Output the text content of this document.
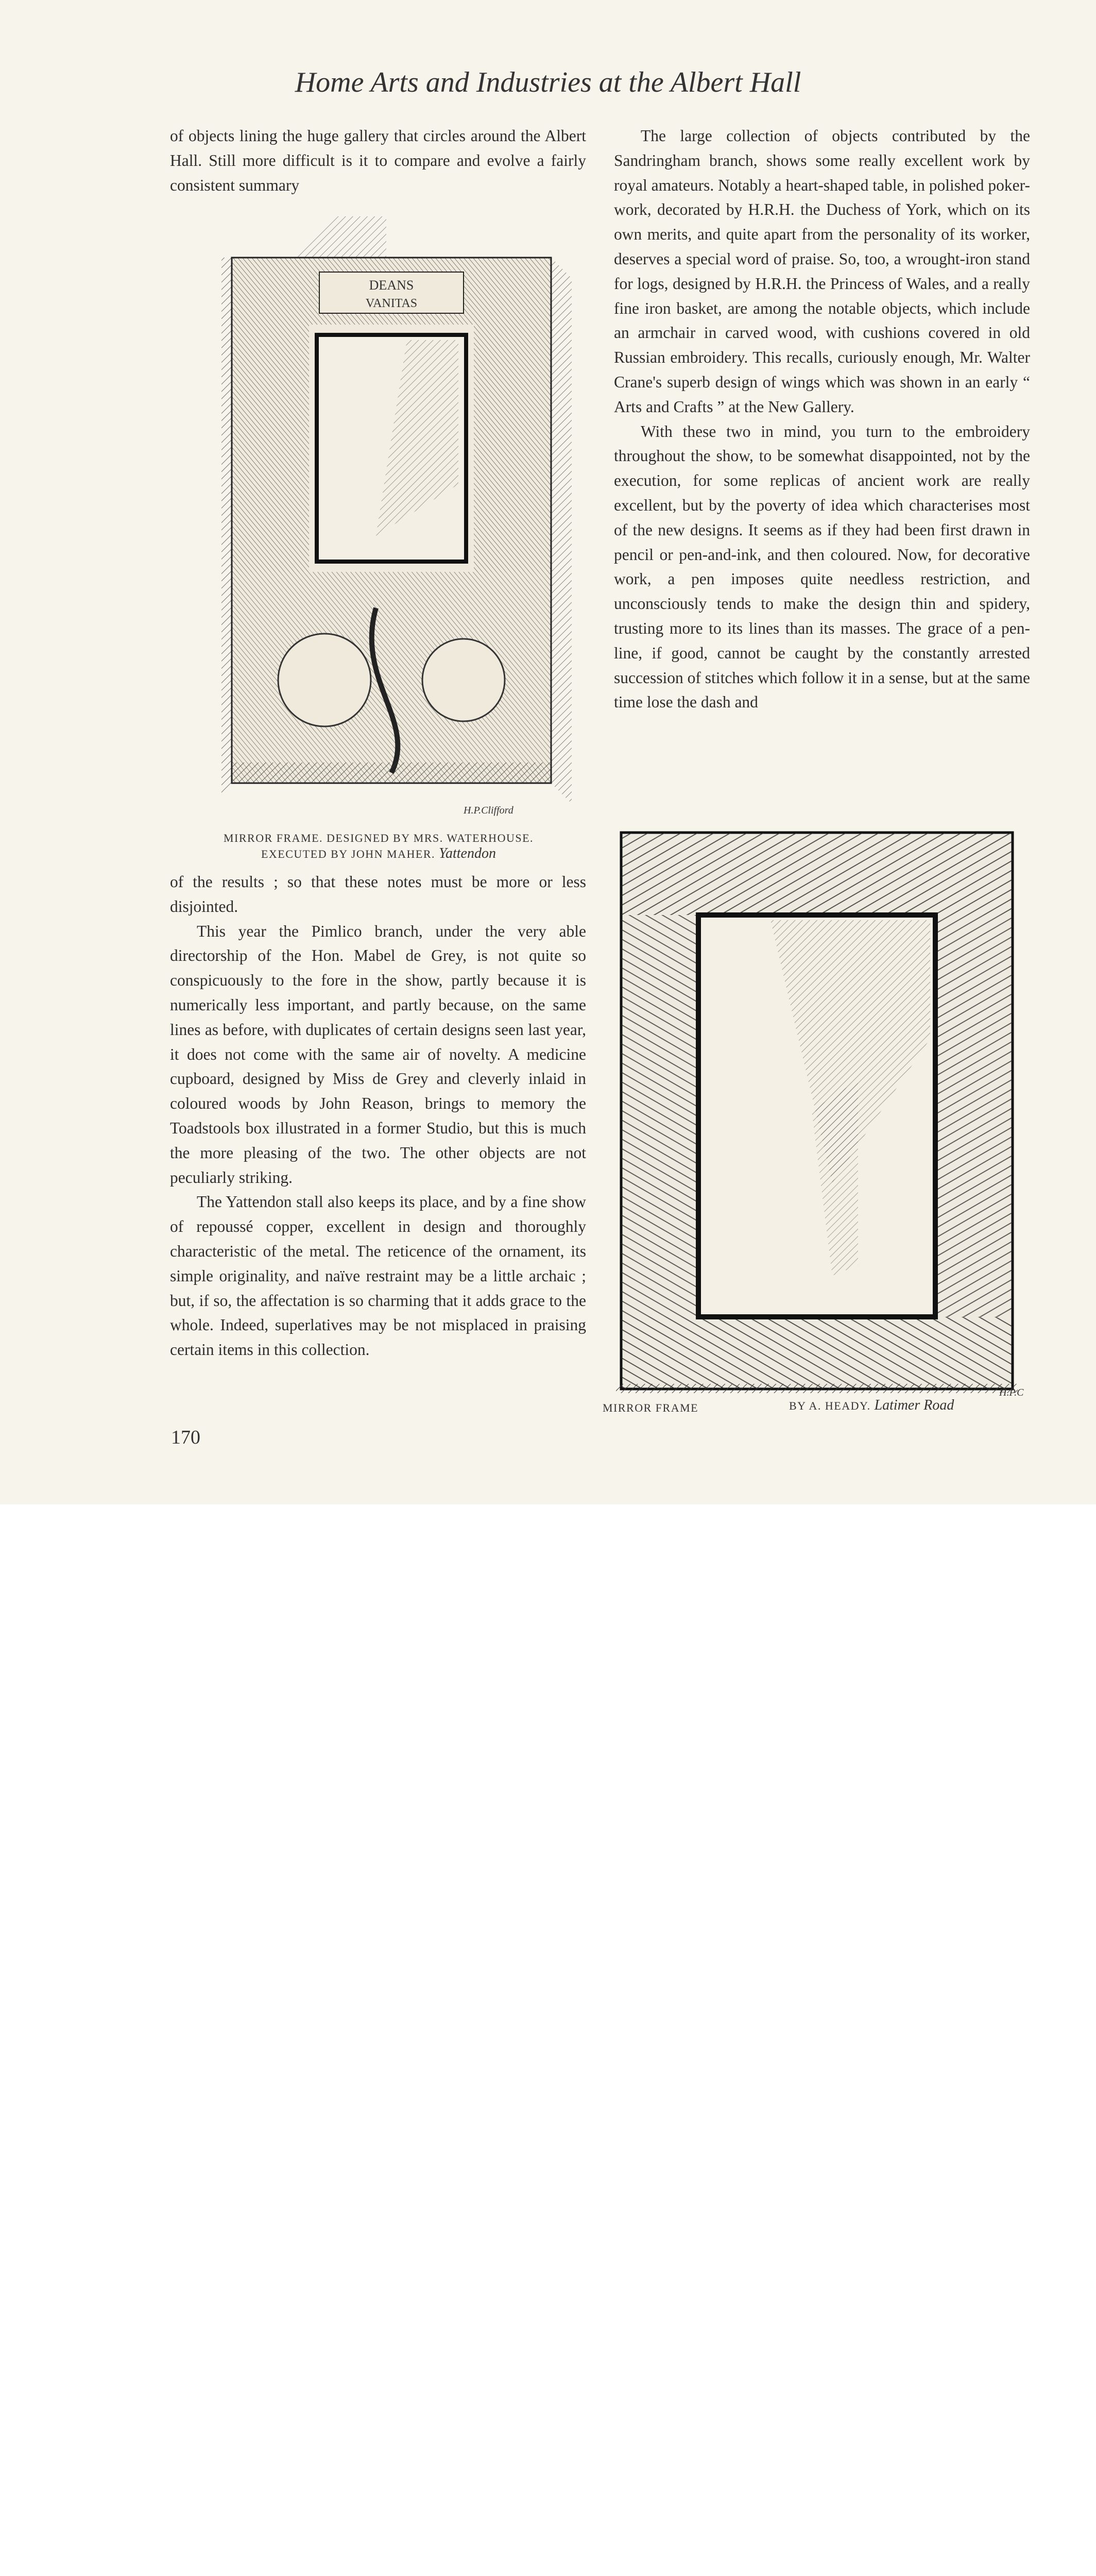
Home Arts and Industries at the Albert Hall

of objects lining the huge gallery that circles around the Albert Hall. Still more difficult is it to compare and evolve a fairly consistent summary

DEANS
VANITAS
H.P.Clifford
MIRROR FRAME. DESIGNED BY MRS. WATERHOUSE.
EXECUTED BY JOHN MAHER. Yattendon

of the results ; so that these notes must be more or less disjointed.

This year the Pimlico branch, under the very able directorship of the Hon. Mabel de Grey, is not quite so conspicuously to the fore in the show, partly because it is numerically less important, and partly because, on the same lines as before, with duplicates of certain designs seen last year, it does not come with the same air of novelty. A medicine cupboard, designed by Miss de Grey and cleverly inlaid in coloured woods by John Reason, brings to memory the Toadstools box illustrated in a former Studio, but this is much the more pleasing of the two. The other objects are not peculiarly striking.

The Yattendon stall also keeps its place, and by a fine show of repoussé copper, excellent in design and thoroughly characteristic of the metal. The reticence of the ornament, its simple originality, and naïve restraint may be a little archaic ; but, if so, the affectation is so charming that it adds grace to the whole. Indeed, superlatives may be not misplaced in praising certain items in this collection.

The large collection of objects contributed by the Sandringham branch, shows some really excellent work by royal amateurs. Notably a heart-shaped table, in polished poker-work, decorated by H.R.H. the Duchess of York, which on its own merits, and quite apart from the personality of its worker, deserves a special word of praise. So, too, a wrought-iron stand for logs, designed by H.R.H. the Princess of Wales, and a really fine iron basket, are among the notable objects, which include an armchair in carved wood, with cushions covered in old Russian embroidery. This recalls, curiously enough, Mr. Walter Crane's superb design of wings which was shown in an early “ Arts and Crafts ” at the New Gallery.

With these two in mind, you turn to the embroidery throughout the show, to be somewhat disappointed, not by the execution, for some replicas of ancient work are really excellent, but by the poverty of idea which characterises most of the new designs. It seems as if they had been first drawn in pencil or pen-and-ink, and then coloured. Now, for decorative work, a pen imposes quite needless restriction, and unconsciously tends to make the design thin and spidery, trusting more to its lines than its masses. The grace of a pen-line, if good, cannot be caught by the constantly arrested succession of stitches which follow it in a sense, but at the same time lose the dash and

H.P.C
MIRROR FRAME	BY A. HEADY. Latimer Road
170
